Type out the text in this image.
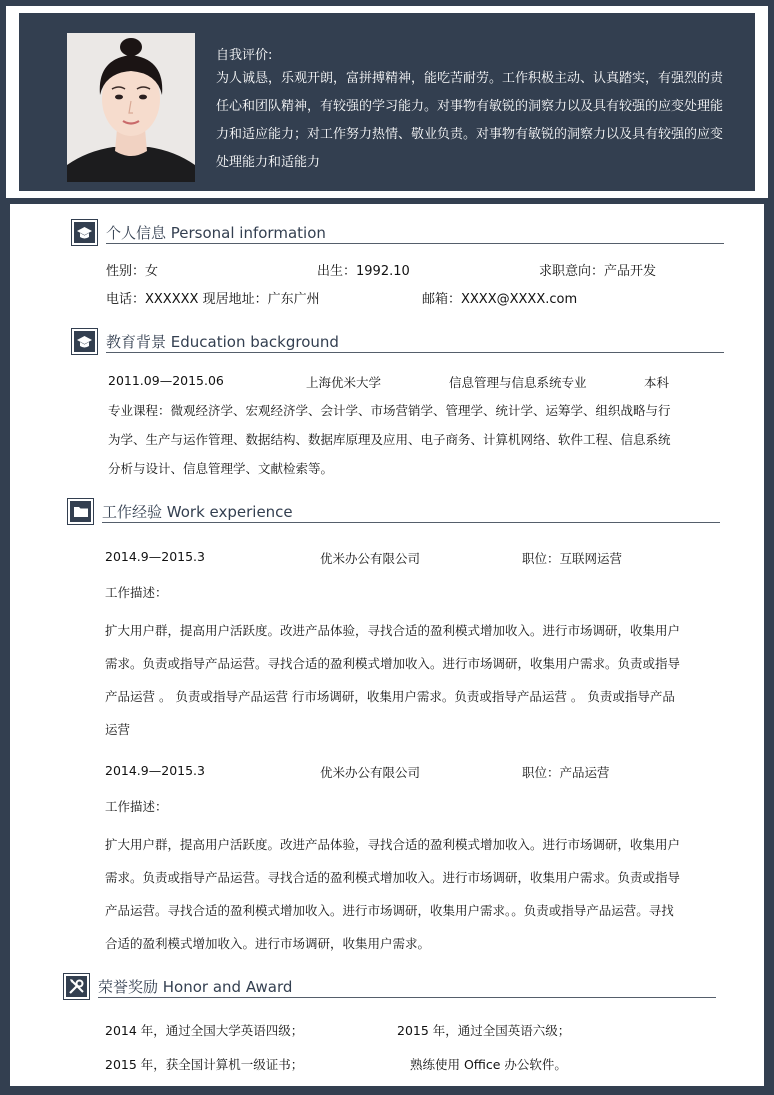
自我评价:
为人诚恳，乐观开朗，富拼搏精神，能吃苦耐劳。工作积极主动、认真踏实，有强烈的责
任心和团队精神，有较强的学习能力。对事物有敏锐的洞察力以及具有较强的应变处理能
力和适应能力；对工作努力热情、敬业负责。对事物有敏锐的洞察力以及具有较强的应变
处理能力和适能力
个人信息 Personal information
性别：女	出生：1992.10	求职意向：产品开发
电话：XXXXXX 现居地址：广东广州	邮箱：XXXX@XXXX.com
教育背景 Education background
2011.09—2015.06	上海优米大学	信息管理与信息系统专业	本科
专业课程：微观经济学、宏观经济学、会计学、市场营销学、管理学、统计学、运筹学、组织战略与行
为学、生产与运作管理、数据结构、数据库原理及应用、电子商务、计算机网络、软件工程、信息系统
分析与设计、信息管理学、文献检索等。
工作经验 Work experience
2014.9—2015.3	优米办公有限公司	职位：互联网运营
工作描述：
扩大用户群，提高用户活跃度。改进产品体验，寻找合适的盈利模式增加收入。进行市场调研，收集用户
需求。负责或指导产品运营。寻找合适的盈利模式增加收入。进行市场调研，收集用户需求。负责或指导
产品运营 。 负责或指导产品运营 行市场调研，收集用户需求。负责或指导产品运营 。 负责或指导产品
运营
2014.9—2015.3	优米办公有限公司	职位：产品运营
工作描述：
扩大用户群，提高用户活跃度。改进产品体验，寻找合适的盈利模式增加收入。进行市场调研，收集用户
需求。负责或指导产品运营。寻找合适的盈利模式增加收入。进行市场调研，收集用户需求。负责或指导
产品运营。寻找合适的盈利模式增加收入。进行市场调研，收集用户需求。。负责或指导产品运营。寻找
合适的盈利模式增加收入。进行市场调研，收集用户需求。
荣誉奖励 Honor and Award
2014 年，通过全国大学英语四级；	2015 年，通过全国英语六级；
2015 年，获全国计算机一级证书；	熟练使用 Office 办公软件。
